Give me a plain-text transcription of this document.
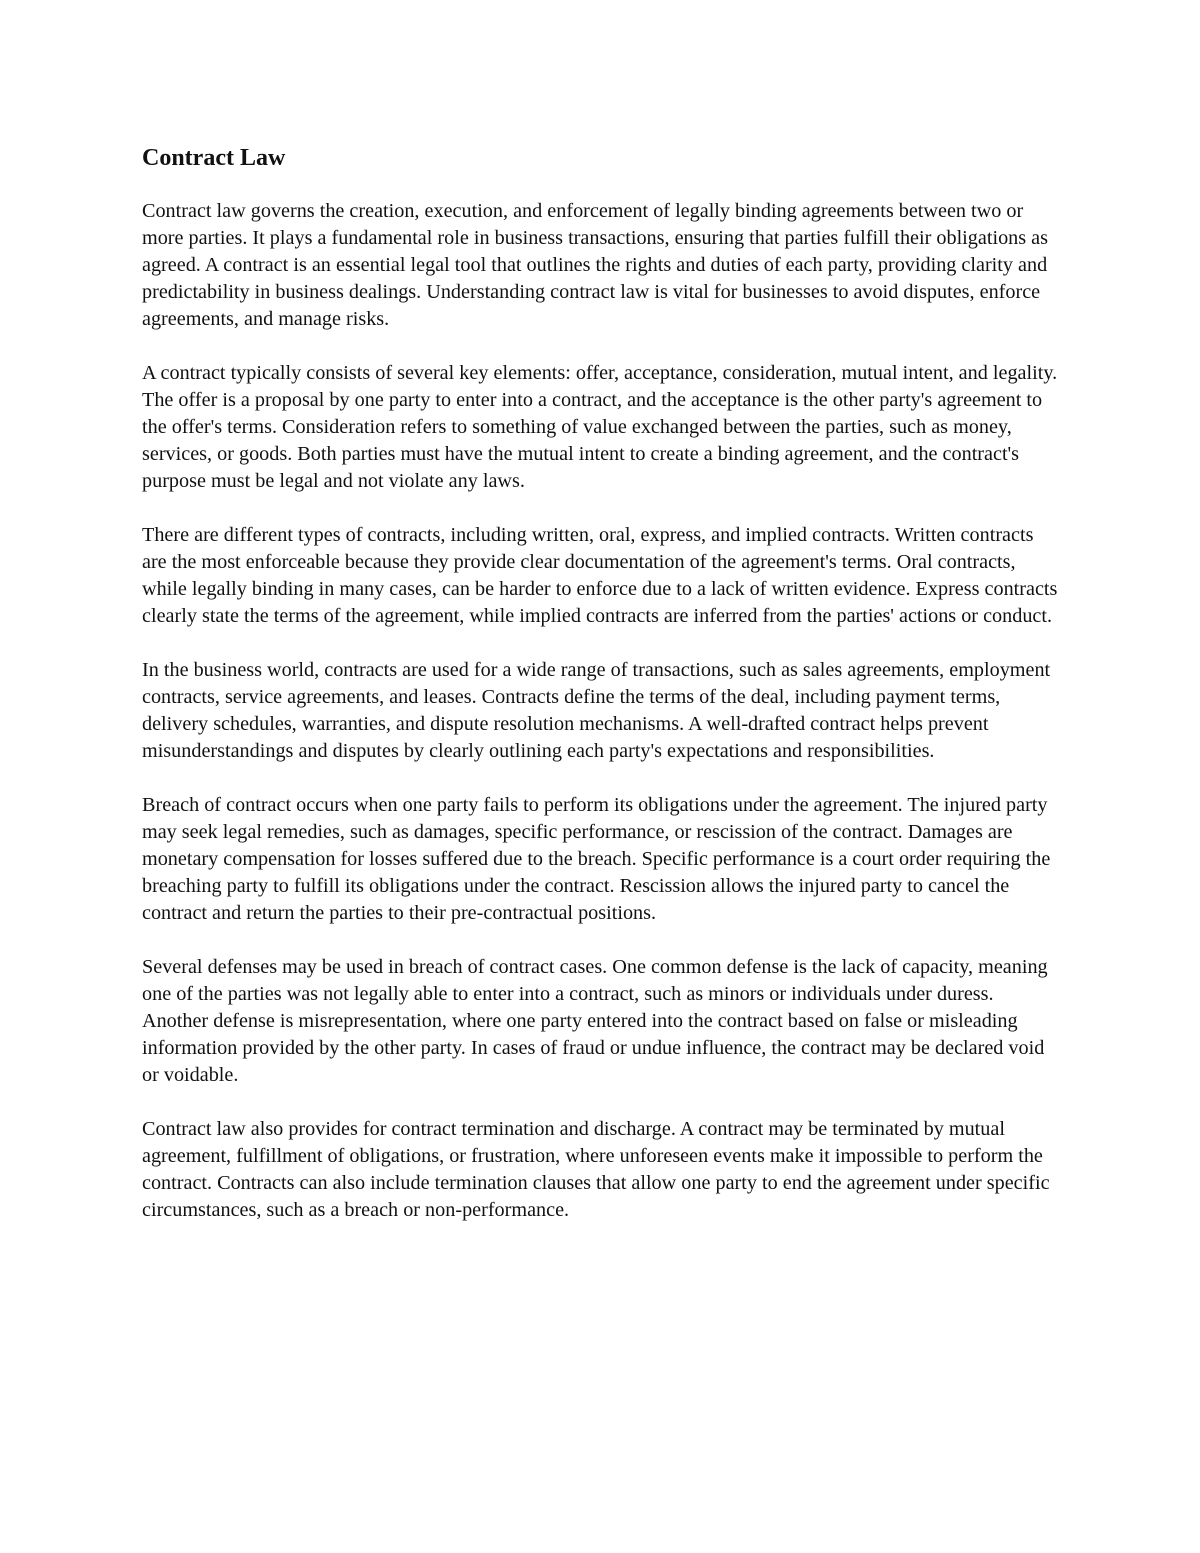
Contract Law

Contract law governs the creation, execution, and enforcement of legally binding agreements between two or more parties. It plays a fundamental role in business transactions, ensuring that parties fulfill their obligations as agreed. A contract is an essential legal tool that outlines the rights and duties of each party, providing clarity and predictability in business dealings. Understanding contract law is vital for businesses to avoid disputes, enforce agreements, and manage risks.

A contract typically consists of several key elements: offer, acceptance, consideration, mutual intent, and legality. The offer is a proposal by one party to enter into a contract, and the acceptance is the other party's agreement to the offer's terms. Consideration refers to something of value exchanged between the parties, such as money, services, or goods. Both parties must have the mutual intent to create a binding agreement, and the contract's purpose must be legal and not violate any laws.

There are different types of contracts, including written, oral, express, and implied contracts. Written contracts are the most enforceable because they provide clear documentation of the agreement's terms. Oral contracts, while legally binding in many cases, can be harder to enforce due to a lack of written evidence. Express contracts clearly state the terms of the agreement, while implied contracts are inferred from the parties' actions or conduct.

In the business world, contracts are used for a wide range of transactions, such as sales agreements, employment contracts, service agreements, and leases. Contracts define the terms of the deal, including payment terms, delivery schedules, warranties, and dispute resolution mechanisms. A well-drafted contract helps prevent misunderstandings and disputes by clearly outlining each party's expectations and responsibilities.

Breach of contract occurs when one party fails to perform its obligations under the agreement. The injured party may seek legal remedies, such as damages, specific performance, or rescission of the contract. Damages are monetary compensation for losses suffered due to the breach. Specific performance is a court order requiring the breaching party to fulfill its obligations under the contract. Rescission allows the injured party to cancel the contract and return the parties to their pre-contractual positions.

Several defenses may be used in breach of contract cases. One common defense is the lack of capacity, meaning one of the parties was not legally able to enter into a contract, such as minors or individuals under duress. Another defense is misrepresentation, where one party entered into the contract based on false or misleading information provided by the other party. In cases of fraud or undue influence, the contract may be declared void or voidable.

Contract law also provides for contract termination and discharge. A contract may be terminated by mutual agreement, fulfillment of obligations, or frustration, where unforeseen events make it impossible to perform the contract. Contracts can also include termination clauses that allow one party to end the agreement under specific circumstances, such as a breach or non-performance.
